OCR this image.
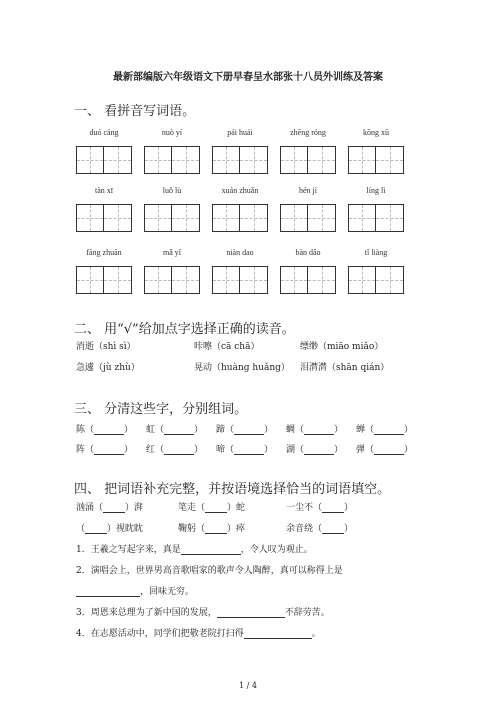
最新部编版六年级语文下册早春呈水部张十八员外训练及答案
一、 看拼音写词语。
duó cáng	nuò yí	pái huái	zhēng róng	kōng xū
tàn xī	luǒ lù	xuán zhuǎn	hén jì	líng lì
fāng zhuān	mǎ yǐ	niàn dao	bàn dǎo	tǐ liàng
二、 用“√”给加点字选择正确的读音。
消逝（shì sì）	咔嚓（cā chā）	缥缈（miāo miǎo）
急遽（jù zhù）	晃动（huàng huǎng） 泪潸潸（shān qián）
三、 分清这些字，分别组词。
陈（	） 虹（	） 蹄（	） 蜩（	） 蝉（	）
阵（	） 红（	） 啼（	） 湖（	） 弹（	）
四、 把词语补充完整，并按语境选择恰当的词语填空。
汹涌（ ）湃	笔走（ ）蛇	一尘不（ ）
（ ）视眈眈	鞠躬（ ）瘁	余音绕（ ）
1．王羲之写起字来，真是	，令人叹为观止。
2．演唱会上，世界男高音歌唱家的歌声令人陶醉，真可以称得上是
，回味无穷。
3．周恩来总理为了新中国的发展，	不辞劳苦。
4．在志愿活动中，同学们把敬老院打扫得	。
1 / 4
